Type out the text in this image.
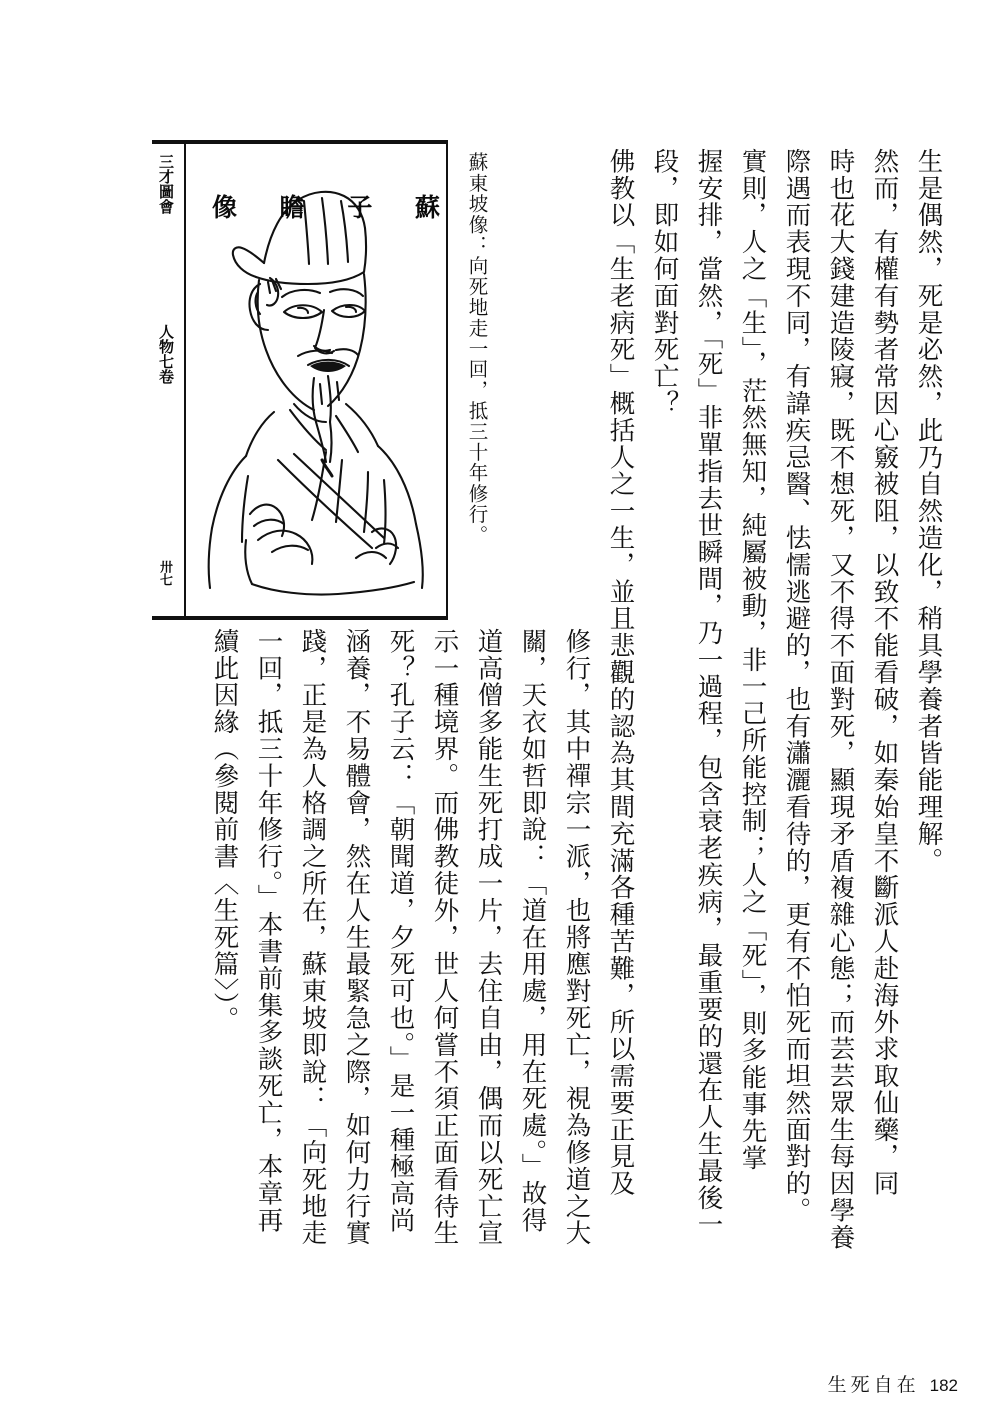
蘇
子
瞻
像
三才圖會
人物七卷
卅七
蘇東坡像：向死地走一回，抵三十年修行。	生是偶然，死是必然，此乃自然造化，稍具學養者皆能理解。
然而，有權有勢者常因心竅被阻，以致不能看破，如秦始皇不斷派人赴海外求取仙藥，同
時也花大錢建造陵寢，既不想死，又不得不面對死，顯現矛盾複雜心態；而芸芸眾生每因學養
際遇而表現不同，有諱疾忌醫、怯懦逃避的，也有瀟灑看待的，更有不怕死而坦然面對的。
實則，人之「生」，茫然無知，純屬被動，非一己所能控制；人之「死」，則多能事先掌
握安排，當然，「死」非單指去世瞬間，乃一過程，包含衰老疾病，最重要的還在人生最後一
段，即如何面對死亡？
佛教以「生老病死」概括人之一生，並且悲觀的認為其間充滿各種苦難，所以需要正見及
修行，其中禪宗一派，也將應對死亡，視為修道之大
關，天衣如哲即說：「道在用處，用在死處。」故得
道高僧多能生死打成一片，去住自由，偶而以死亡宣
示一種境界。而佛教徒外，世人何嘗不須正面看待生
死？孔子云：「朝聞道，夕死可也。」是一種極高尚
涵養，不易體會，然在人生最緊急之際，如何力行實
踐，正是為人格調之所在，蘇東坡即說：「向死地走
一回，抵三十年修行。」本書前集多談死亡，本章再
續此因緣（參閱前書〈生死篇〉）。
生死自在 182
